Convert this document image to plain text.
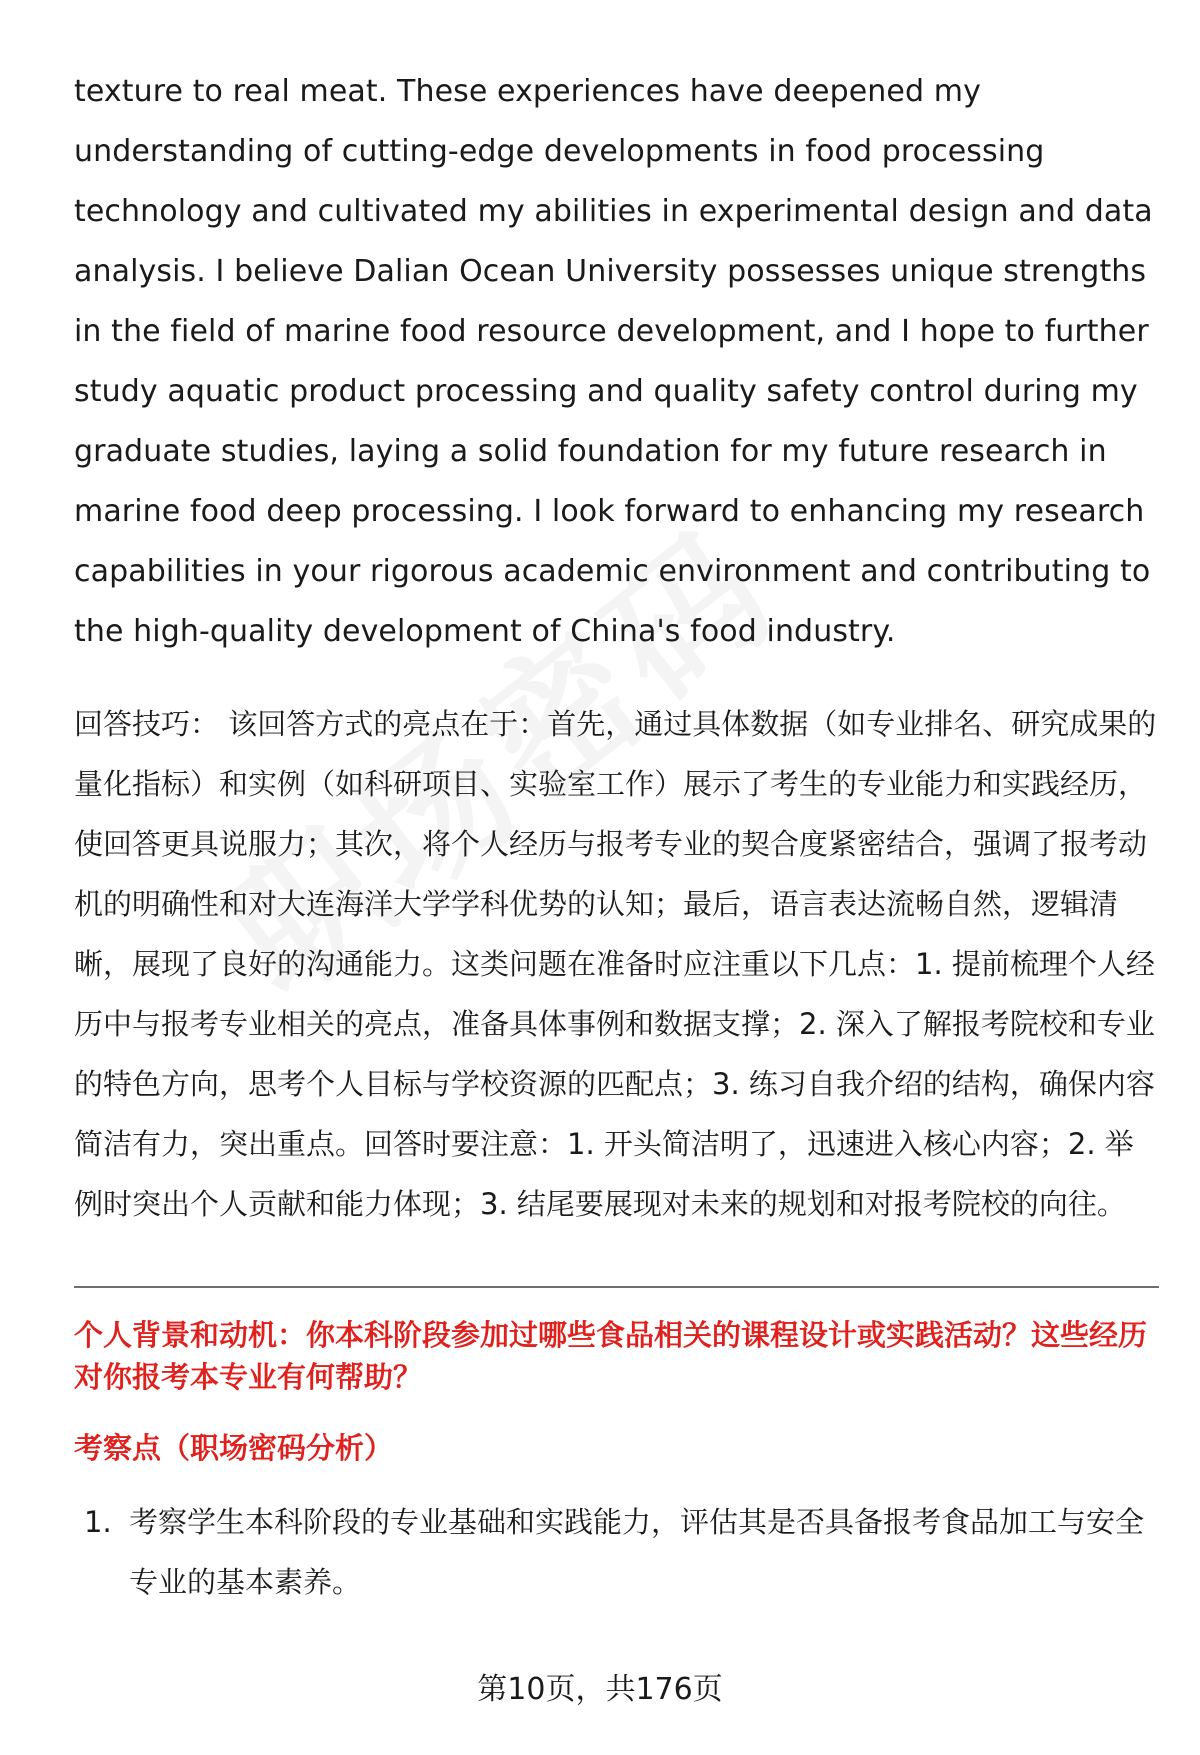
texture to real meat. These experiences have deepened my understanding of cutting-edge developments in food processing technology and cultivated my abilities in experimental design and data analysis. I believe Dalian Ocean University possesses unique strengths in the field of marine food resource development, and I hope to further study aquatic product processing and quality safety control during my graduate studies, laying a solid foundation for my future research in marine food deep processing. I look forward to enhancing my research capabilities in your rigorous academic environment and contributing to the high-quality development of China's food industry.

回答技巧： 该回答方式的亮点在于：首先，通过具体数据（如专业排名、研究成果的量化指标）和实例（如科研项目、实验室工作）展示了考生的专业能力和实践经历，使回答更具说服力；其次，将个人经历与报考专业的契合度紧密结合，强调了报考动机的明确性和对大连海洋大学学科优势的认知；最后，语言表达流畅自然，逻辑清晰，展现了良好的沟通能力。这类问题在准备时应注重以下几点：1. 提前梳理个人经历中与报考专业相关的亮点，准备具体事例和数据支撑；2. 深入了解报考院校和专业的特色方向，思考个人目标与学校资源的匹配点；3. 练习自我介绍的结构，确保内容简洁有力，突出重点。回答时要注意：1. 开头简洁明了，迅速进入核心内容；2. 举例时突出个人贡献和能力体现；3. 结尾要展现对未来的规划和对报考院校的向往。

个人背景和动机：你本科阶段参加过哪些食品相关的课程设计或实践活动？这些经历对你报考本专业有何帮助？
考察点（职场密码分析）
1. 考察学生本科阶段的专业基础和实践能力，评估其是否具备报考食品加工与安全专业的基本素养。
第10页，共176页
